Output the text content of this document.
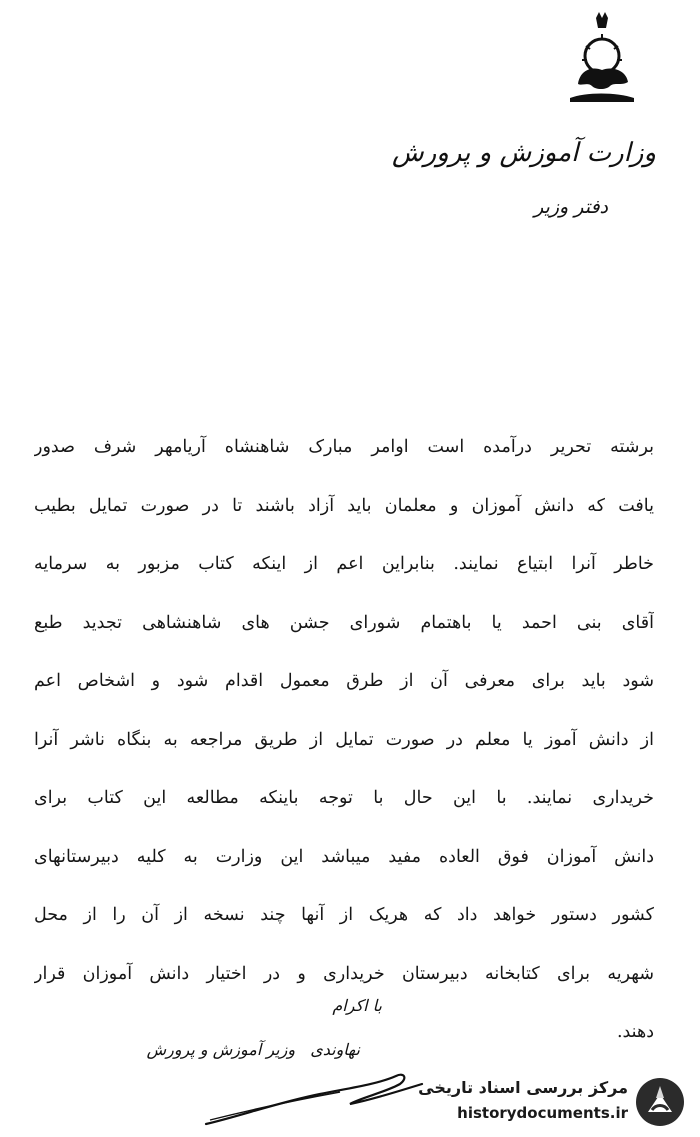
وزارت آموزش و پرورش
دفتر وزیر
برشته تحریر درآمده است اوامر مبارک شاهنشاه آریامهر شرف صدور
یافت که دانش آموزان و معلمان باید آزاد باشند تا در صورت تمایل بطیب
خاطر آنرا ابتیاع نمایند. بنابراین اعم از اینکه کتاب مزبور به سرمایه
آقای بنی احمد یا باهتمام شورای جشن های شاهنشاهی تجدید طبع
شود باید برای معرفی آن از طرق معمول اقدام شود و اشخاص اعم
از دانش آموز یا معلم در صورت تمایل از طریق مراجعه به بنگاه ناشر آنرا
خریداری نمایند. با این حال با توجه باینکه مطالعه این کتاب برای
دانش آموزان فوق العاده مفید میباشد این وزارت به کلیه دبیرستانهای
کشور دستور خواهد داد که هریک از آنها چند نسخه از آن را از محل
شهریه برای کتابخانه دبیرستان خریداری و در اختیار دانش آموزان قرار
دهند.
با اکرام
نهاوندی وزیر آموزش و پرورش
مرکز بررسی اسناد تاریخی
historydocuments.ir
